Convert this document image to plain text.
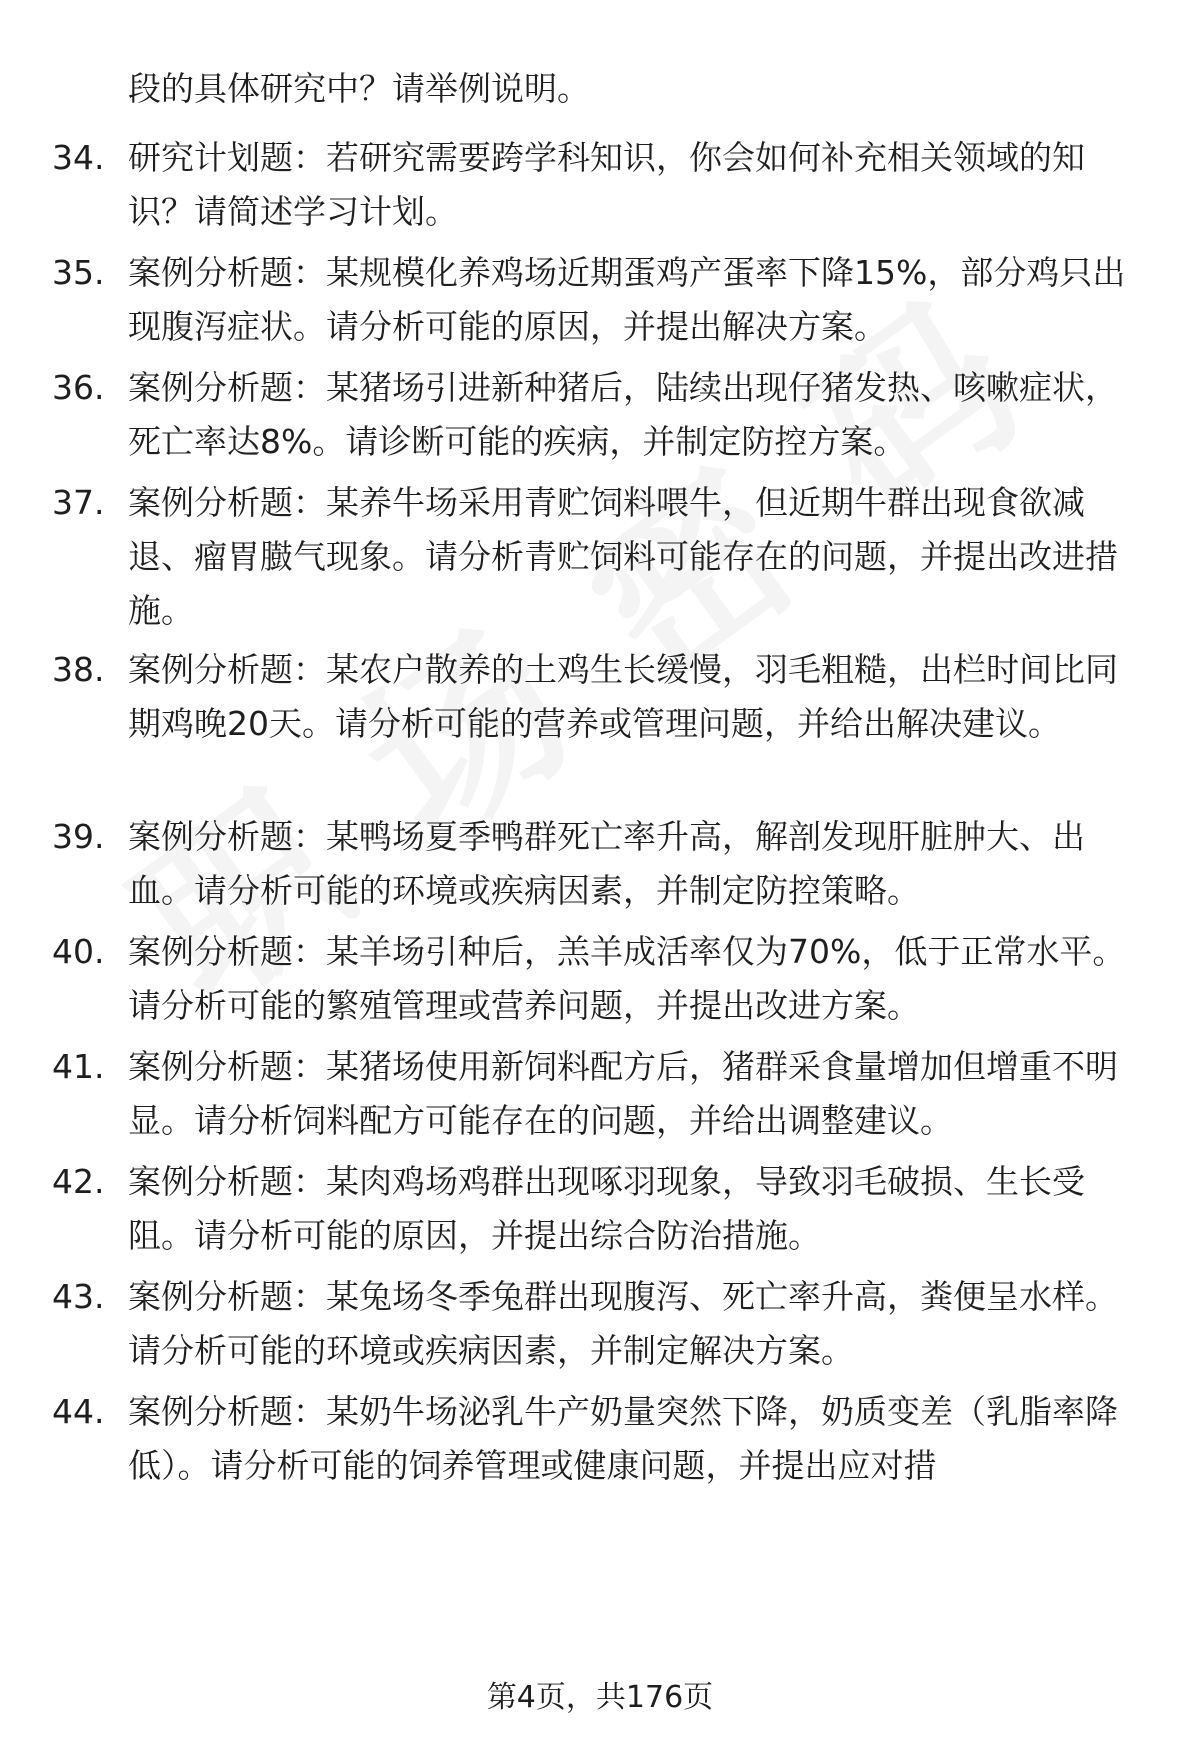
段的具体研究中？请举例说明。
34. 研究计划题：若研究需要跨学科知识，你会如何补充相关领域的知识？请简述学习计划。
35. 案例分析题：某规模化养鸡场近期蛋鸡产蛋率下降15%，部分鸡只出现腹泻症状。请分析可能的原因，并提出解决方案。
36. 案例分析题：某猪场引进新种猪后，陆续出现仔猪发热、咳嗽症状，死亡率达8%。请诊断可能的疾病，并制定防控方案。
37. 案例分析题：某养牛场采用青贮饲料喂牛，但近期牛群出现食欲减退、瘤胃臌气现象。请分析青贮饲料可能存在的问题，并提出改进措施。
38. 案例分析题：某农户散养的土鸡生长缓慢，羽毛粗糙，出栏时间比同期鸡晚20天。请分析可能的营养或管理问题，并给出解决建议。
39. 案例分析题：某鸭场夏季鸭群死亡率升高，解剖发现肝脏肿大、出血。请分析可能的环境或疾病因素，并制定防控策略。
40. 案例分析题：某羊场引种后，羔羊成活率仅为70%，低于正常水平。请分析可能的繁殖管理或营养问题，并提出改进方案。
41. 案例分析题：某猪场使用新饲料配方后，猪群采食量增加但增重不明显。请分析饲料配方可能存在的问题，并给出调整建议。
42. 案例分析题：某肉鸡场鸡群出现啄羽现象，导致羽毛破损、生长受阻。请分析可能的原因，并提出综合防治措施。
43. 案例分析题：某兔场冬季兔群出现腹泻、死亡率升高，粪便呈水样。请分析可能的环境或疾病因素，并制定解决方案。
44. 案例分析题：某奶牛场泌乳牛产奶量突然下降，奶质变差（乳脂率降低）。请分析可能的饲养管理或健康问题，并提出应对措
第4页，共176页
